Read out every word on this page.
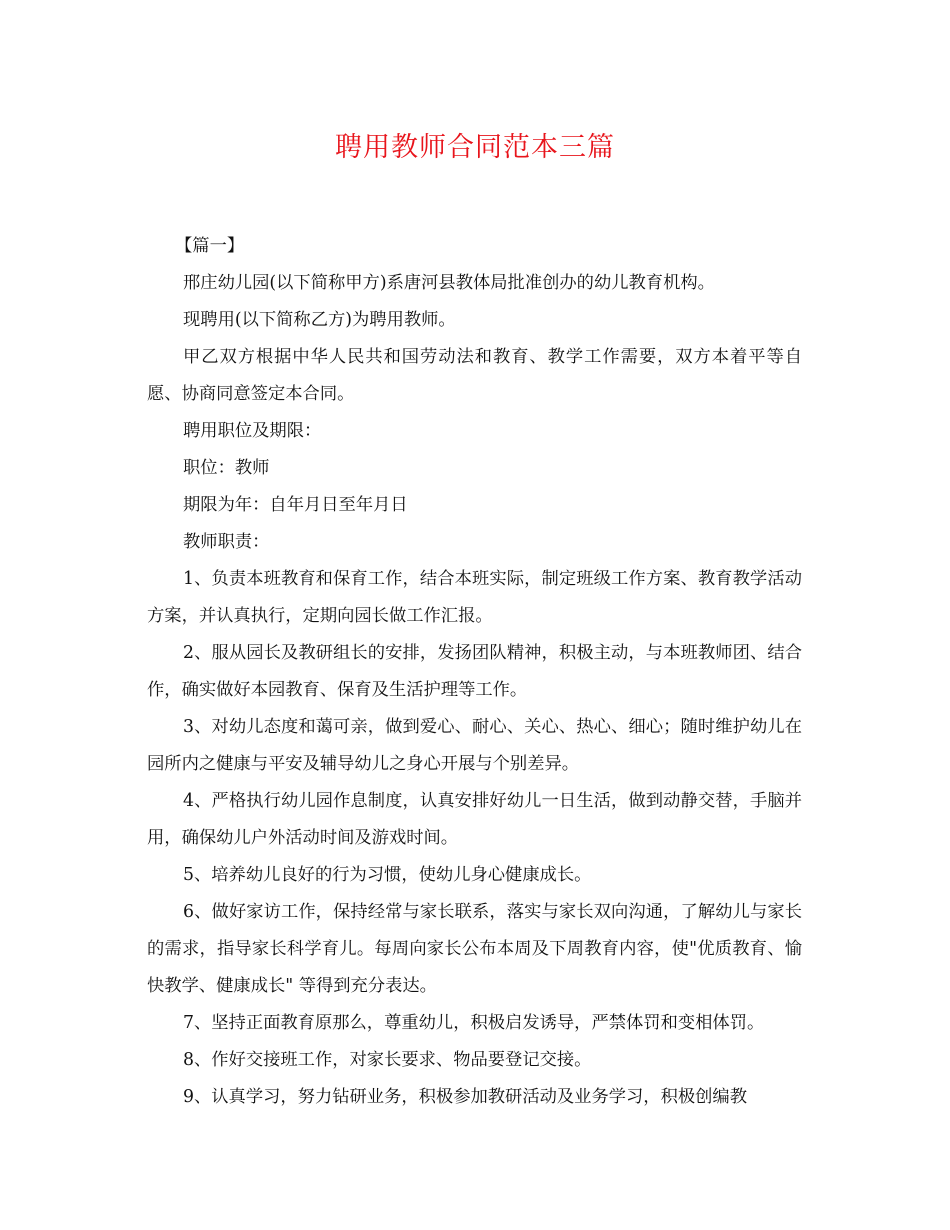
聘用教师合同范本三篇

【篇一】

邢庄幼儿园(以下简称甲方)系唐河县教体局批准创办的幼儿教育机构。

现聘用(以下简称乙方)为聘用教师。

甲乙双方根据中华人民共和国劳动法和教育、教学工作需要，双方本着平等自愿、协商同意签定本合同。

聘用职位及期限：

职位：教师

期限为年：自年月日至年月日

教师职责：

1、负责本班教育和保育工作，结合本班实际，制定班级工作方案、教育教学活动方案，并认真执行，定期向园长做工作汇报。

2、服从园长及教研组长的安排，发扬团队精神，积极主动，与本班教师团、结合作，确实做好本园教育、保育及生活护理等工作。

3、对幼儿态度和蔼可亲，做到爱心、耐心、关心、热心、细心；随时维护幼儿在园所内之健康与平安及辅导幼儿之身心开展与个别差异。

4、严格执行幼儿园作息制度，认真安排好幼儿一日生活，做到动静交替，手脑并用，确保幼儿户外活动时间及游戏时间。

5、培养幼儿良好的行为习惯，使幼儿身心健康成长。

6、做好家访工作，保持经常与家长联系，落实与家长双向沟通，了解幼儿与家长的需求，指导家长科学育儿。每周向家长公布本周及下周教育内容，使"优质教育、愉快教学、健康成长" 等得到充分表达。

7、坚持正面教育原那么，尊重幼儿，积极启发诱导，严禁体罚和变相体罚。

8、作好交接班工作，对家长要求、物品要登记交接。

9、认真学习，努力钻研业务，积极参加教研活动及业务学习，积极创编教
